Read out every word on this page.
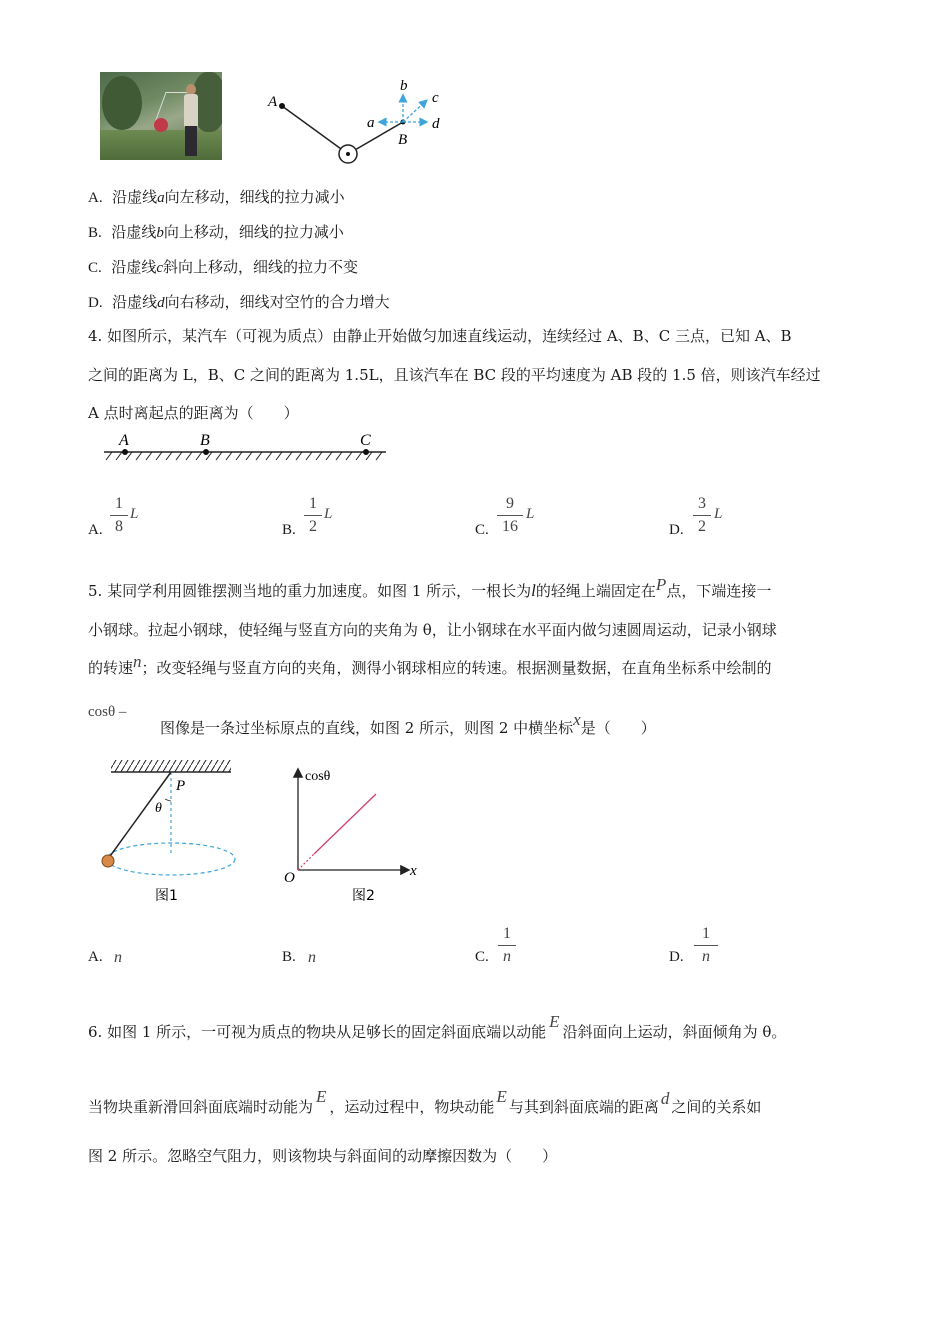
A
B
a
b
c
d
A. 沿虚线a向左移动，细线的拉力减小
B. 沿虚线b向上移动，细线的拉力减小
C. 沿虚线c斜向上移动，细线的拉力不变
D. 沿虚线d向右移动，细线对空竹的合力增大
4. 如图所示，某汽车（可视为质点）由静止开始做匀加速直线运动，连续经过 A、B、C 三点，已知 A、B
之间的距离为 L，B、C 之间的距离为 1.5L，且该汽车在 BC 段的平均速度为 AB 段的 1.5 倍，则该汽车经过
A 点时离起点的距离为（　　）
A	B	C
A.
1
8
L
B.
1
2
L
C.
9
16
L
D.
3
2
L
5. 某同学利用圆锥摆测当地的重力加速度。如图 1 所示，一根长为l的轻绳上端固定在P点，下端连接一
小钢球。拉起小钢球，使轻绳与竖直方向的夹角为 θ，让小钢球在水平面内做匀速圆周运动，记录小钢球
的转速n；改变轻绳与竖直方向的夹角，测得小钢球相应的转速。根据测量数据，在直角坐标系中绘制的
cosθ –
图像是一条过坐标原点的直线，如图 2 所示，则图 2 中横坐标x是（　　）
P
θ
图1
cosθ
x
O
图2
A. n	B. n	C.
1
n	D.
1
n
6. 如图 1 所示，一可视为质点的物块从足够长的固定斜面底端以动能E沿斜面向上运动，斜面倾角为 θ。
当物块重新滑回斜面底端时动能为E，运动过程中，物块动能E与其到斜面底端的距离 d 之间的关系如
图 2 所示。忽略空气阻力，则该物块与斜面间的动摩擦因数为（　　）
